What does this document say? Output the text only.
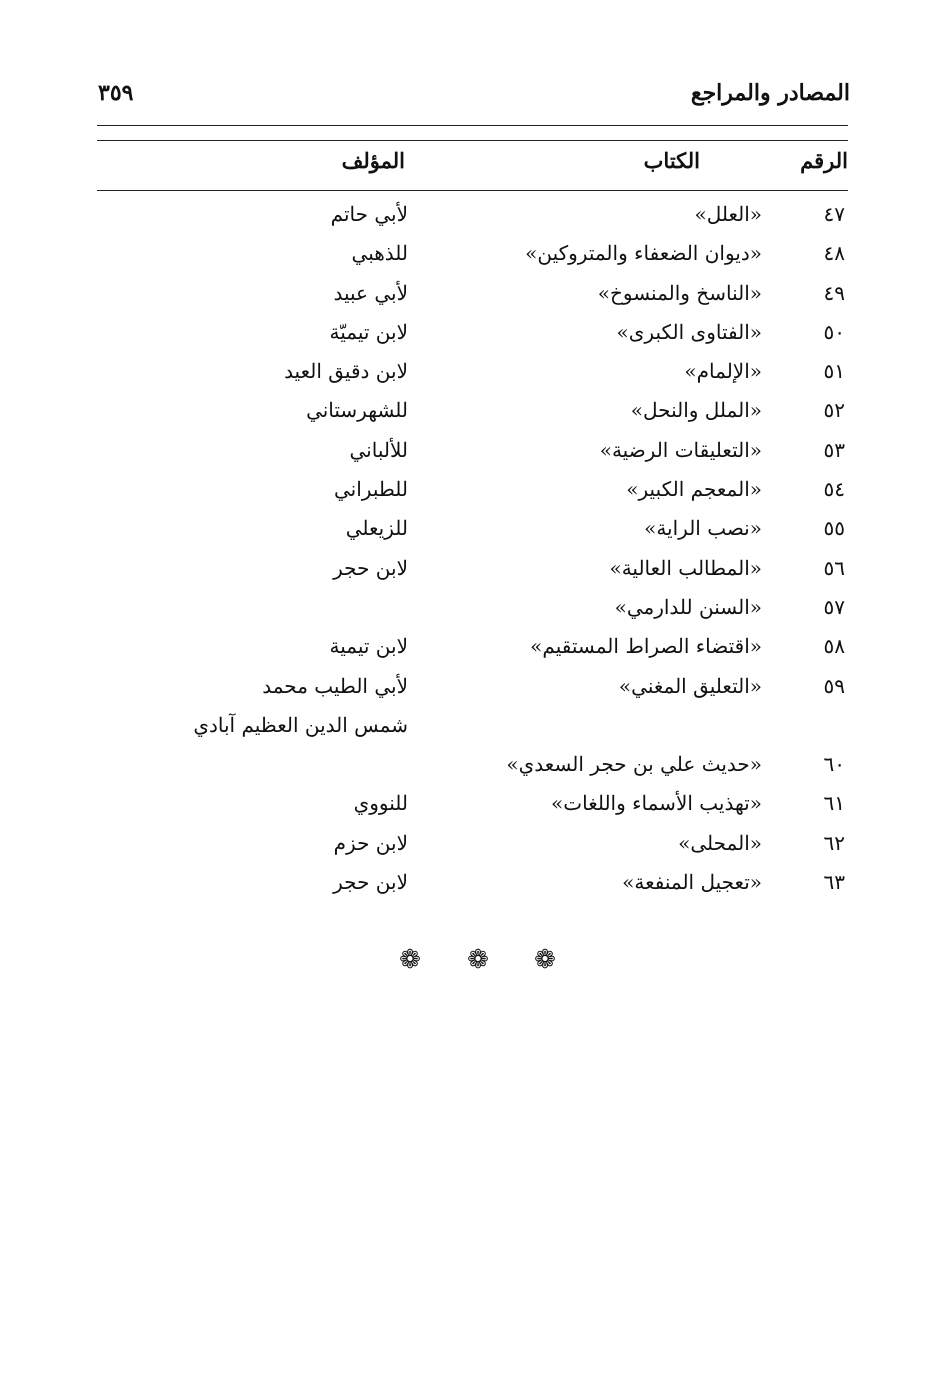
المصادر والمراجع
٣٥٩
الرقم
الكتاب
المؤلف
٤٧
«العلل»
لأبي حاتم
٤٨
«ديوان الضعفاء والمتروكين»
للذهبي
٤٩
«الناسخ والمنسوخ»
لأبي عبيد
٥٠
«الفتاوى الكبرى»
لابن تيميّة
٥١
«الإلمام»
لابن دقيق العيد
٥٢
«الملل والنحل»
للشهرستاني
٥٣
«التعليقات الرضية»
للألباني
٥٤
«المعجم الكبير»
للطبراني
٥٥
«نصب الراية»
للزيعلي
٥٦
«المطالب العالية»
لابن حجر
٥٧
«السنن للدارمي»
٥٨
«اقتضاء الصراط المستقيم»
لابن تيمية
٥٩
«التعليق المغني»
لأبي الطيب محمد
شمس الدين العظيم آبادي
٦٠
«حديث علي بن حجر السعدي»
٦١
«تهذيب الأسماء واللغات»
للنووي
٦٢
«المحلى»
لابن حزم
٦٣
«تعجيل المنفعة»
لابن حجر
❁ ❁ ❁
